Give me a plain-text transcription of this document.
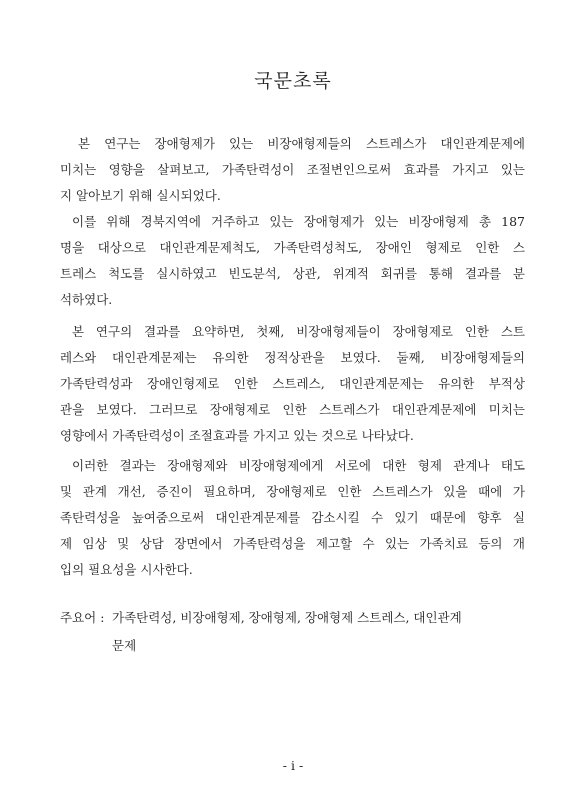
국문초록
본 연구는 장애형제가 있는 비장애형제들의 스트레스가 대인관계문제에
미치는 영향을 살펴보고, 가족탄력성이 조절변인으로써 효과를 가지고 있는
지 알아보기 위해 실시되었다.
이를 위해 경북지역에 거주하고 있는 장애형제가 있는 비장애형제 총 187
명을 대상으로 대인관계문제척도, 가족탄력성척도, 장애인 형제로 인한 스
트레스 척도를 실시하였고 빈도분석, 상관, 위계적 회귀를 통해 결과를 분
석하였다.
본 연구의 결과를 요약하면, 첫째, 비장애형제들이 장애형제로 인한 스트
레스와 대인관계문제는 유의한 정적상관을 보였다. 둘째, 비장애형제들의
가족탄력성과 장애인형제로 인한 스트레스, 대인관계문제는 유의한 부적상
관을 보였다. 그러므로 장애형제로 인한 스트레스가 대인관계문제에 미치는
영향에서 가족탄력성이 조절효과를 가지고 있는 것으로 나타났다.
이러한 결과는 장애형제와 비장애형제에게 서로에 대한 형제 관계나 태도
및 관계 개선, 증진이 필요하며, 장애형제로 인한 스트레스가 있을 때에 가
족탄력성을 높여줌으로써 대인관계문제를 감소시킬 수 있기 때문에 향후 실
제 임상 및 상담 장면에서 가족탄력성을 제고할 수 있는 가족치료 등의 개
입의 필요성을 시사한다.
주요어 : 가족탄력성, 비장애형제, 장애형제, 장애형제 스트레스, 대인관계
문제
- i -
